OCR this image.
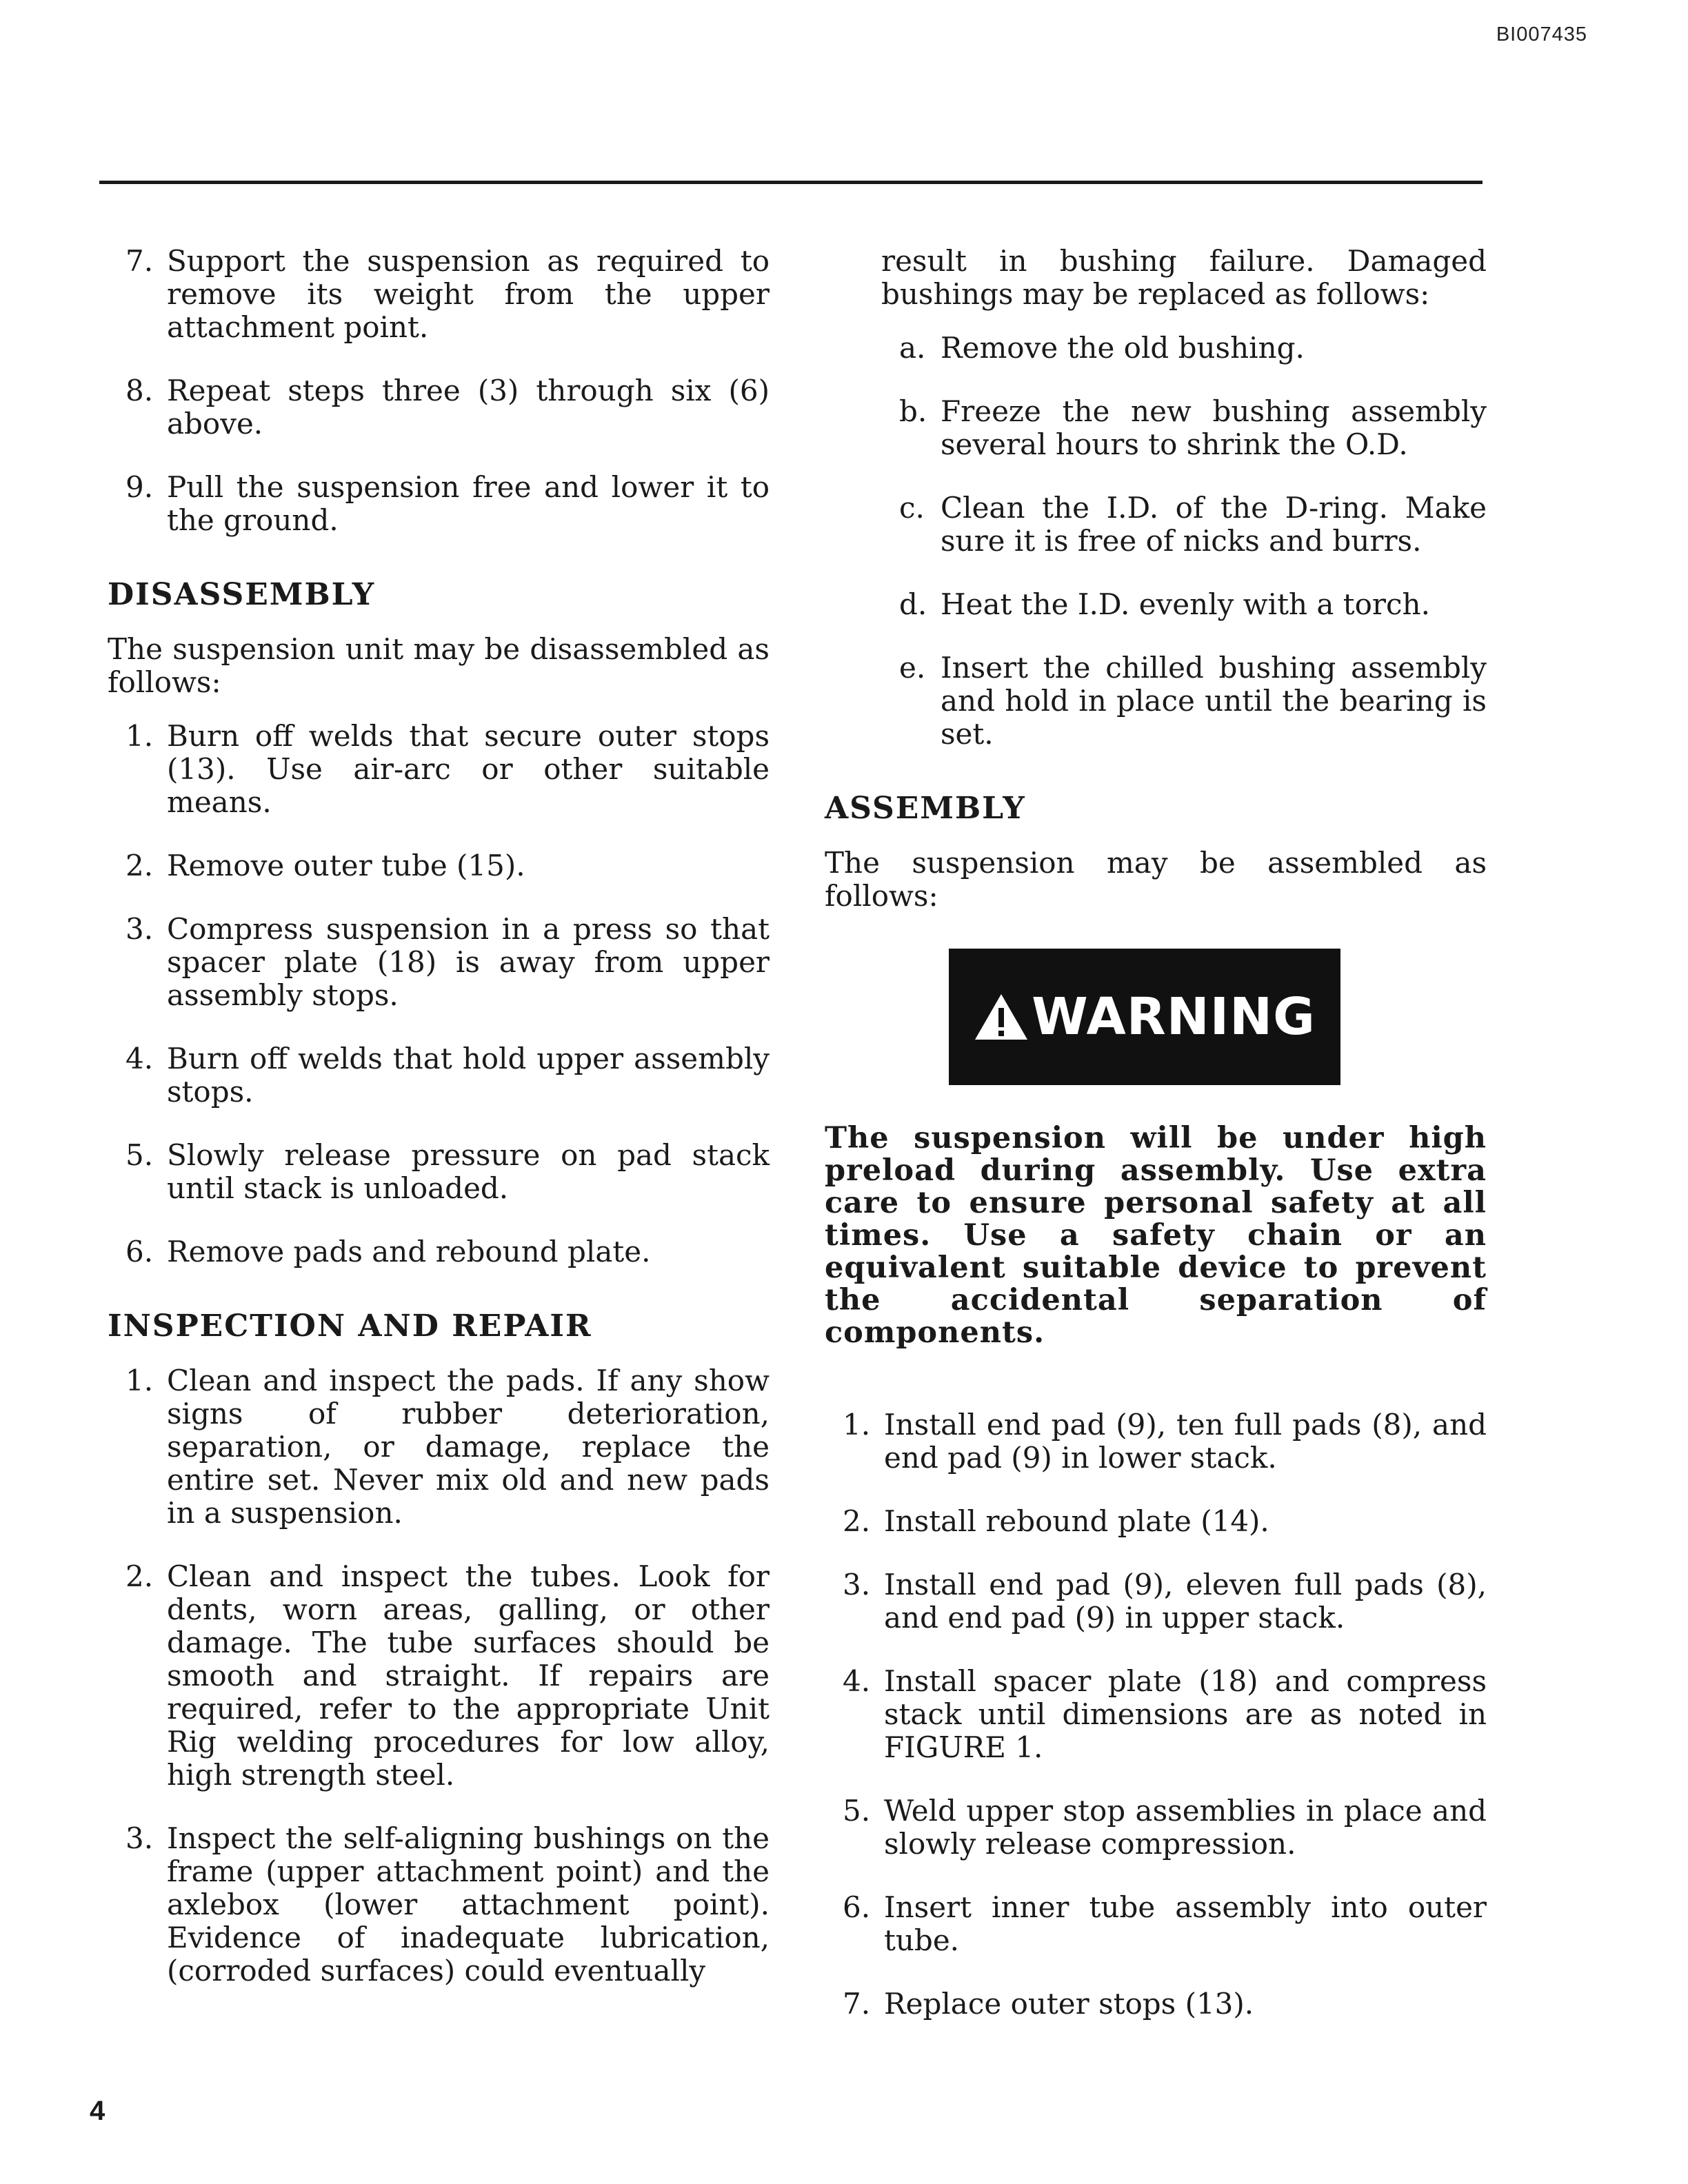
BI007435
7. Support the suspension as required to remove its weight from the upper attachment point.
8. Repeat steps three (3) through six (6) above.
9. Pull the suspension free and lower it to the ground.
DISASSEMBLY

The suspension unit may be disassembled as follows:

1. Burn off welds that secure outer stops (13). Use air-arc or other suitable means.
2. Remove outer tube (15).
3. Compress suspension in a press so that spacer plate (18) is away from upper assembly stops.
4. Burn off welds that hold upper assembly stops.
5. Slowly release pressure on pad stack until stack is unloaded.
6. Remove pads and rebound plate.
INSPECTION AND REPAIR
1. Clean and inspect the pads. If any show signs of rubber deterioration, separation, or damage, replace the entire set. Never mix old and new pads in a suspension.
2. Clean and inspect the tubes. Look for dents, worn areas, galling, or other damage. The tube surfaces should be smooth and straight. If repairs are required, refer to the appropriate Unit Rig welding procedures for low alloy, high strength steel.
3. Inspect the self-aligning bushings on the frame (upper attachment point) and the axlebox (lower attachment point). Evidence of inadequate lubrication, (corroded surfaces) could eventually

result in bushing failure. Damaged bushings may be replaced as follows:

a. Remove the old bushing.
b. Freeze the new bushing assembly several hours to shrink the O.D.
c. Clean the I.D. of the D-ring. Make sure it is free of nicks and burrs.
d. Heat the I.D. evenly with a torch.
e. Insert the chilled bushing assembly and hold in place until the bearing is set.
ASSEMBLY

The suspension may be assembled as follows:

WARNING

The suspension will be under high preload during assembly. Use extra care to ensure personal safety at all times. Use a safety chain or an equivalent suitable device to prevent the accidental separation of components.

1. Install end pad (9), ten full pads (8), and end pad (9) in lower stack.
2. Install rebound plate (14).
3. Install end pad (9), eleven full pads (8), and end pad (9) in upper stack.
4. Install spacer plate (18) and compress stack until dimensions are as noted in FIGURE 1.
5. Weld upper stop assemblies in place and slowly release compression.
6. Insert inner tube assembly into outer tube.
7. Replace outer stops (13).
4
